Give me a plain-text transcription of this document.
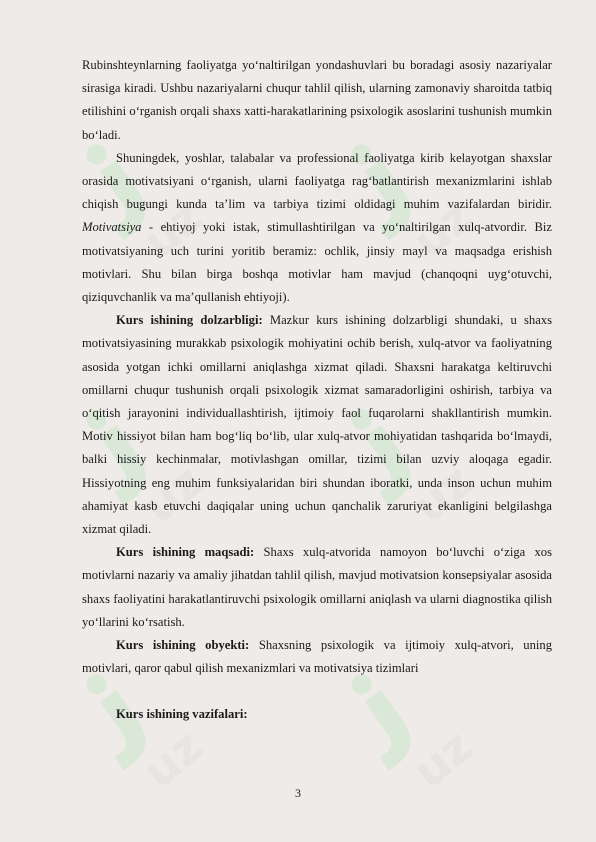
uz	uz
uz	uz
uz	uz

Rubinshteynlarning faoliyatga yo‘naltirilgan yondashuvlari bu boradagi asosiy nazariyalar sirasiga kiradi. Ushbu nazariyalarni chuqur tahlil qilish, ularning zamonaviy sharoitda tatbiq etilishini o‘rganish orqali shaxs xatti-harakatlarining psixologik asoslarini tushunish mumkin bo‘ladi.

Shuningdek, yoshlar, talabalar va professional faoliyatga kirib kelayotgan shaxslar orasida motivatsiyani o‘rganish, ularni faoliyatga rag‘batlantirish mexanizmlarini ishlab chiqish bugungi kunda ta’lim va tarbiya tizimi oldidagi muhim vazifalardan biridir. Motivatsiya - ehtiyoj yoki istak, stimullashtirilgan va yo‘naltirilgan xulq-atvordir. Biz motivatsiyaning uch turini yoritib beramiz: ochlik, jinsiy mayl va maqsadga erishish motivlari. Shu bilan birga boshqa motivlar ham mavjud (chanqoqni uyg‘otuvchi, qiziquvchanlik va ma’qullanish ehtiyoji).

Kurs ishining dolzarbligi: Mazkur kurs ishining dolzarbligi shundaki, u shaxs motivatsiyasining murakkab psixologik mohiyatini ochib berish, xulq-atvor va faoliyatning asosida yotgan ichki omillarni aniqlashga xizmat qiladi. Shaxsni harakatga keltiruvchi omillarni chuqur tushunish orqali psixologik xizmat samaradorligini oshirish, tarbiya va o‘qitish jarayonini individuallashtirish, ijtimoiy faol fuqarolarni shakllantirish mumkin. Motiv hissiyot bilan ham bog‘liq bo‘lib, ular xulq-atvor mohiyatidan tashqarida bo‘lmaydi, balki hissiy kechinmalar, motivlashgan omillar, tizimi bilan uzviy aloqaga egadir. Hissiyotning eng muhim funksiyalaridan biri shundan iboratki, unda inson uchun muhim ahamiyat kasb etuvchi daqiqalar uning uchun qanchalik zaruriyat ekanligini belgilashga xizmat qiladi.

Kurs ishining maqsadi: Shaxs xulq-atvorida namoyon bo‘luvchi o‘ziga xos motivlarni nazariy va amaliy jihatdan tahlil qilish, mavjud motivatsion konsepsiyalar asosida shaxs faoliyatini harakatlantiruvchi psixologik omillarni aniqlash va ularni diagnostika qilish yo‘llarini ko‘rsatish.

Kurs ishining obyekti: Shaxsning psixologik va ijtimoiy xulq-atvori, uning motivlari, qaror qabul qilish mexanizmlari va motivatsiya tizimlari

Kurs ishining vazifalari:

3
